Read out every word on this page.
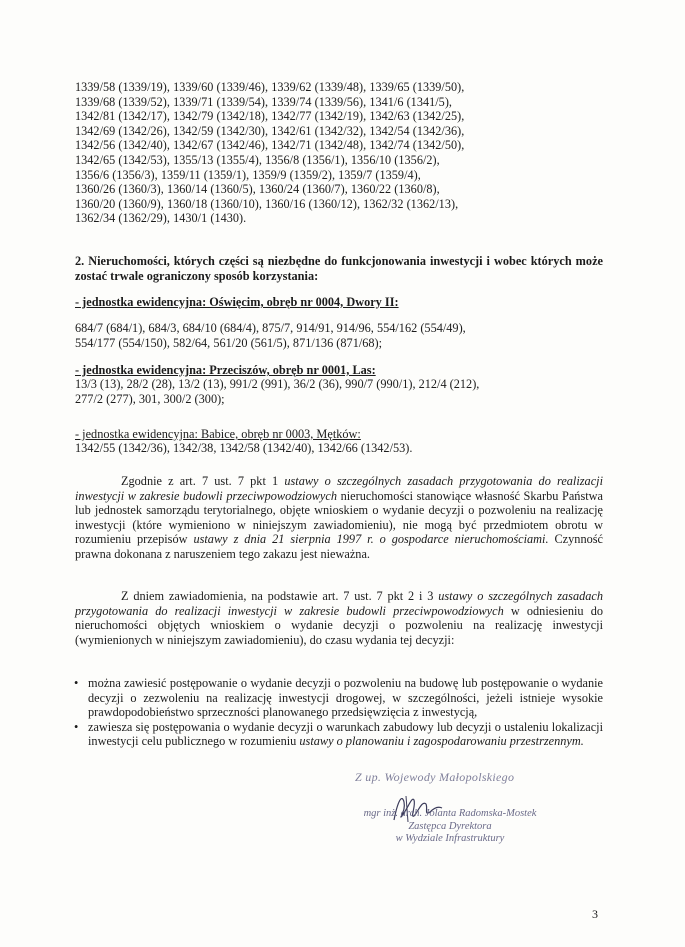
1339/58 (1339/19), 1339/60 (1339/46), 1339/62 (1339/48), 1339/65 (1339/50),
1339/68 (1339/52), 1339/71 (1339/54), 1339/74 (1339/56), 1341/6 (1341/5),
1342/81 (1342/17), 1342/79 (1342/18), 1342/77 (1342/19), 1342/63 (1342/25),
1342/69 (1342/26), 1342/59 (1342/30), 1342/61 (1342/32), 1342/54 (1342/36),
1342/56 (1342/40), 1342/67 (1342/46), 1342/71 (1342/48), 1342/74 (1342/50),
1342/65 (1342/53), 1355/13 (1355/4), 1356/8 (1356/1), 1356/10 (1356/2),
1356/6 (1356/3), 1359/11 (1359/1), 1359/9 (1359/2), 1359/7 (1359/4),
1360/26 (1360/3), 1360/14 (1360/5), 1360/24 (1360/7), 1360/22 (1360/8),
1360/20 (1360/9), 1360/18 (1360/10), 1360/16 (1360/12), 1362/32 (1362/13),
1362/34 (1362/29), 1430/1 (1430).
2. Nieruchomości, których części są niezbędne do funkcjonowania inwestycji i wobec których może zostać trwale ograniczony sposób korzystania:
- jednostka ewidencyjna: Oświęcim, obręb nr 0004, Dwory II:
684/7 (684/1), 684/3, 684/10 (684/4), 875/7, 914/91, 914/96, 554/162 (554/49),
554/177 (554/150), 582/64, 561/20 (561/5), 871/136 (871/68);
- jednostka ewidencyjna: Przeciszów, obręb nr 0001, Las:
13/3 (13), 28/2 (28), 13/2 (13), 991/2 (991), 36/2 (36), 990/7 (990/1), 212/4 (212),
277/2 (277), 301, 300/2 (300);
- jednostka ewidencyjna: Babice, obręb nr 0003, Mętków:
1342/55 (1342/36), 1342/38, 1342/58 (1342/40), 1342/66 (1342/53).

Zgodnie z art. 7 ust. 7 pkt 1 ustawy o szczególnych zasadach przygotowania do realizacji inwestycji w zakresie budowli przeciwpowodziowych nieruchomości stanowiące własność Skarbu Państwa lub jednostek samorządu terytorialnego, objęte wnioskiem o wydanie decyzji o pozwoleniu na realizację inwestycji (które wymieniono w niniejszym zawiadomieniu), nie mogą być przedmiotem obrotu w rozumieniu przepisów ustawy z dnia 21 sierpnia 1997 r. o gospodarce nieruchomościami. Czynność prawna dokonana z naruszeniem tego zakazu jest nieważna.

Z dniem zawiadomienia, na podstawie art. 7 ust. 7 pkt 2 i 3 ustawy o szczególnych zasadach przygotowania do realizacji inwestycji w zakresie budowli przeciwpowodziowych w odniesieniu do nieruchomości objętych wnioskiem o wydanie decyzji o pozwoleniu na realizację inwestycji (wymienionych w niniejszym zawiadomieniu), do czasu wydania tej decyzji:

• można zawiesić postępowanie o wydanie decyzji o pozwoleniu na budowę lub postępowanie o wydanie decyzji o zezwoleniu na realizację inwestycji drogowej, w szczególności, jeżeli istnieje wysokie prawdopodobieństwo sprzeczności planowanego przedsięwzięcia z inwestycją,
• zawiesza się postępowania o wydanie decyzji o warunkach zabudowy lub decyzji o ustaleniu lokalizacji inwestycji celu publicznego w rozumieniu ustawy o planowaniu i zagospodarowaniu przestrzennym.
Z up. Wojewody Małopolskiego
mgr inż. arch. Jolanta Radomska-Mostek
Zastępca Dyrektora
w Wydziale Infrastruktury
3
